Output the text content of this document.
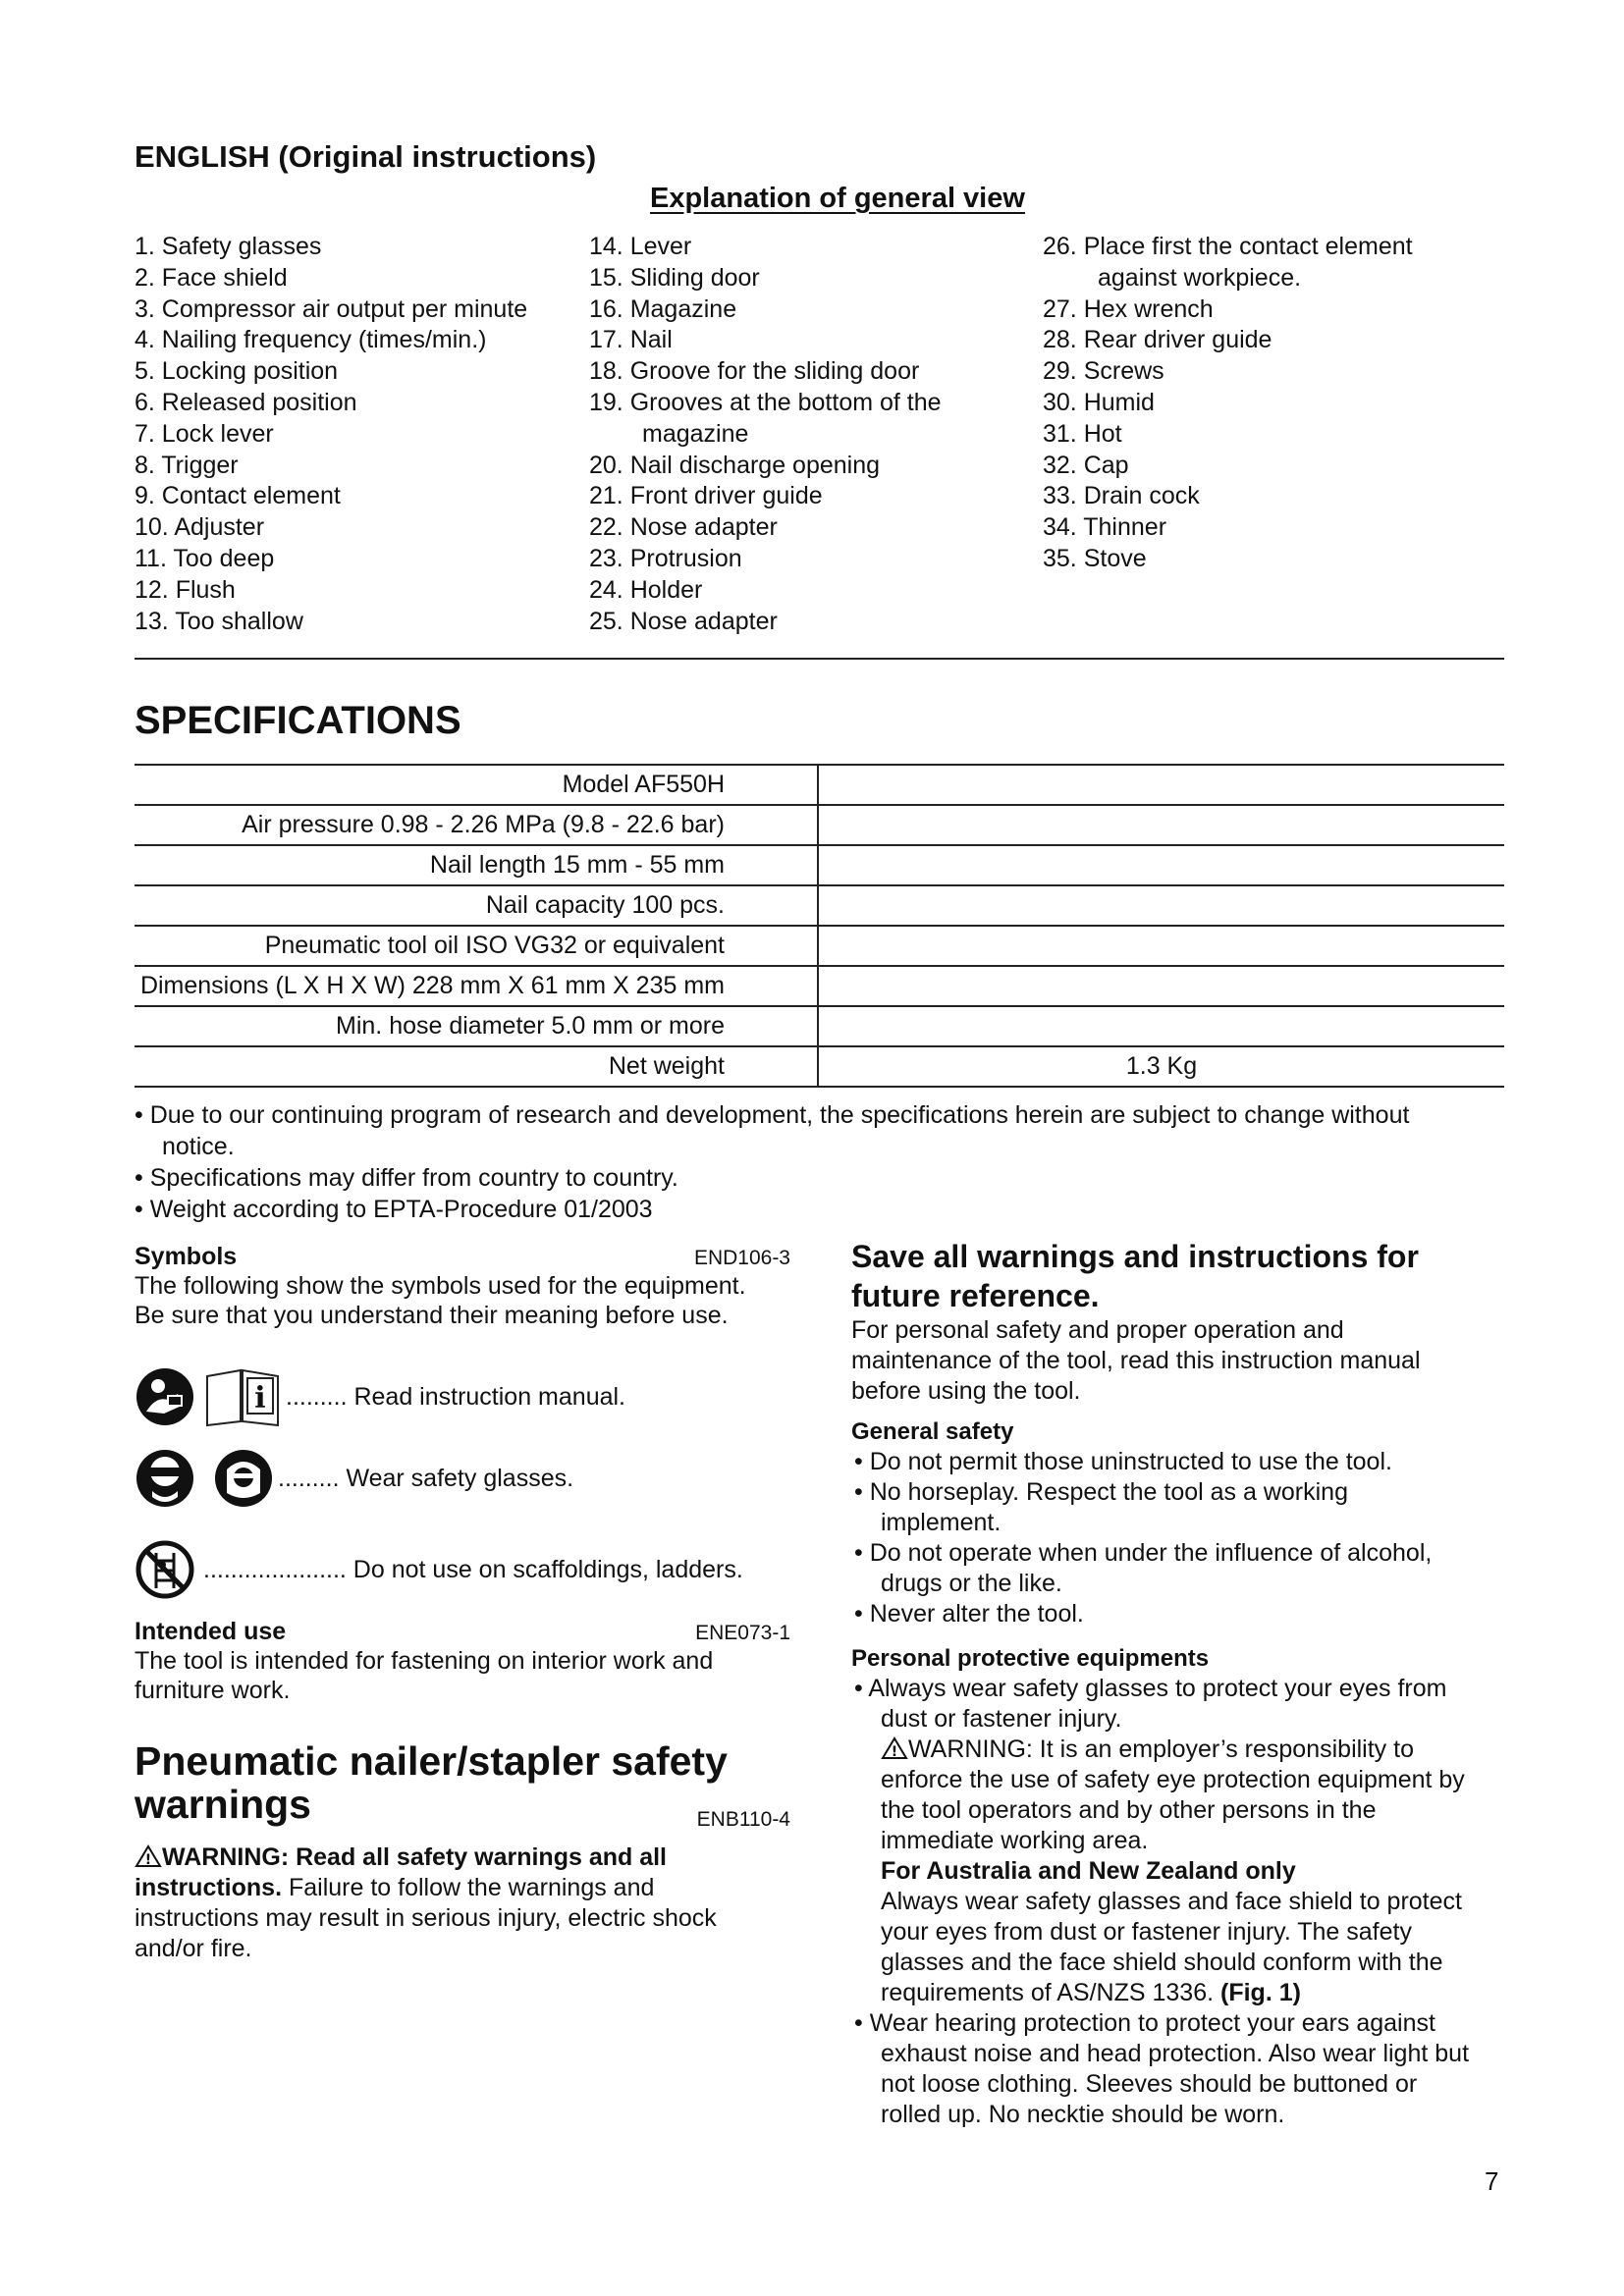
ENGLISH (Original instructions)
Explanation of general view
1. Safety glasses
2. Face shield
3. Compressor air output per minute
4. Nailing frequency (times/min.)
5. Locking position
6. Released position
7. Lock lever
8. Trigger
9. Contact element
10. Adjuster
11. Too deep
12. Flush
13. Too shallow
14. Lever
15. Sliding door
16. Magazine
17. Nail
18. Groove for the sliding door
19. Grooves at the bottom of the
magazine
20. Nail discharge opening
21. Front driver guide
22. Nose adapter
23. Protrusion
24. Holder
25. Nose adapter
26. Place first the contact element
against workpiece.
27. Hex wrench
28. Rear driver guide
29. Screws
30. Humid
31. Hot
32. Cap
33. Drain cock
34. Thinner
35. Stove
SPECIFICATIONS
Model AF550H	
Air pressure 0.98 - 2.26 MPa (9.8 - 22.6 bar)	
Nail length 15 mm - 55 mm	
Nail capacity 100 pcs.	
Pneumatic tool oil ISO VG32 or equivalent	
Dimensions (L X H X W) 228 mm X 61 mm X 235 mm	
Min. hose diameter 5.0 mm or more	
Net weight	1.3 Kg
• Due to our continuing program of research and development, the specifications herein are subject to change without
notice.
• Specifications may differ from country to country.
• Weight according to EPTA-Procedure 01/2003
Symbols	END106-3
The following show the symbols used for the equipment.
Be sure that you understand their meaning before use.
i ......... Read instruction manual.
......... Wear safety glasses.
..................... Do not use on scaffoldings, ladders.
Intended use	ENE073-1
The tool is intended for fastening on interior work and
furniture work.
Pneumatic nailer/stapler safety
warnings	ENB110-4
! WARNING: Read all safety warnings and all
instructions. Failure to follow the warnings and
instructions may result in serious injury, electric shock
and/or fire.
Save all warnings and instructions for
future reference.
For personal safety and proper operation and
maintenance of the tool, read this instruction manual
before using the tool.
General safety
• Do not permit those uninstructed to use the tool.
• No horseplay. Respect the tool as a working
implement.
• Do not operate when under the influence of alcohol,
drugs or the like.
• Never alter the tool.
Personal protective equipments
• Always wear safety glasses to protect your eyes from
dust or fastener injury.
! WARNING: It is an employer’s responsibility to
enforce the use of safety eye protection equipment by
the tool operators and by other persons in the
immediate working area.
For Australia and New Zealand only
Always wear safety glasses and face shield to protect
your eyes from dust or fastener injury. The safety
glasses and the face shield should conform with the
requirements of AS/NZS 1336. (Fig. 1)
• Wear hearing protection to protect your ears against
exhaust noise and head protection. Also wear light but
not loose clothing. Sleeves should be buttoned or
rolled up. No necktie should be worn.
7
